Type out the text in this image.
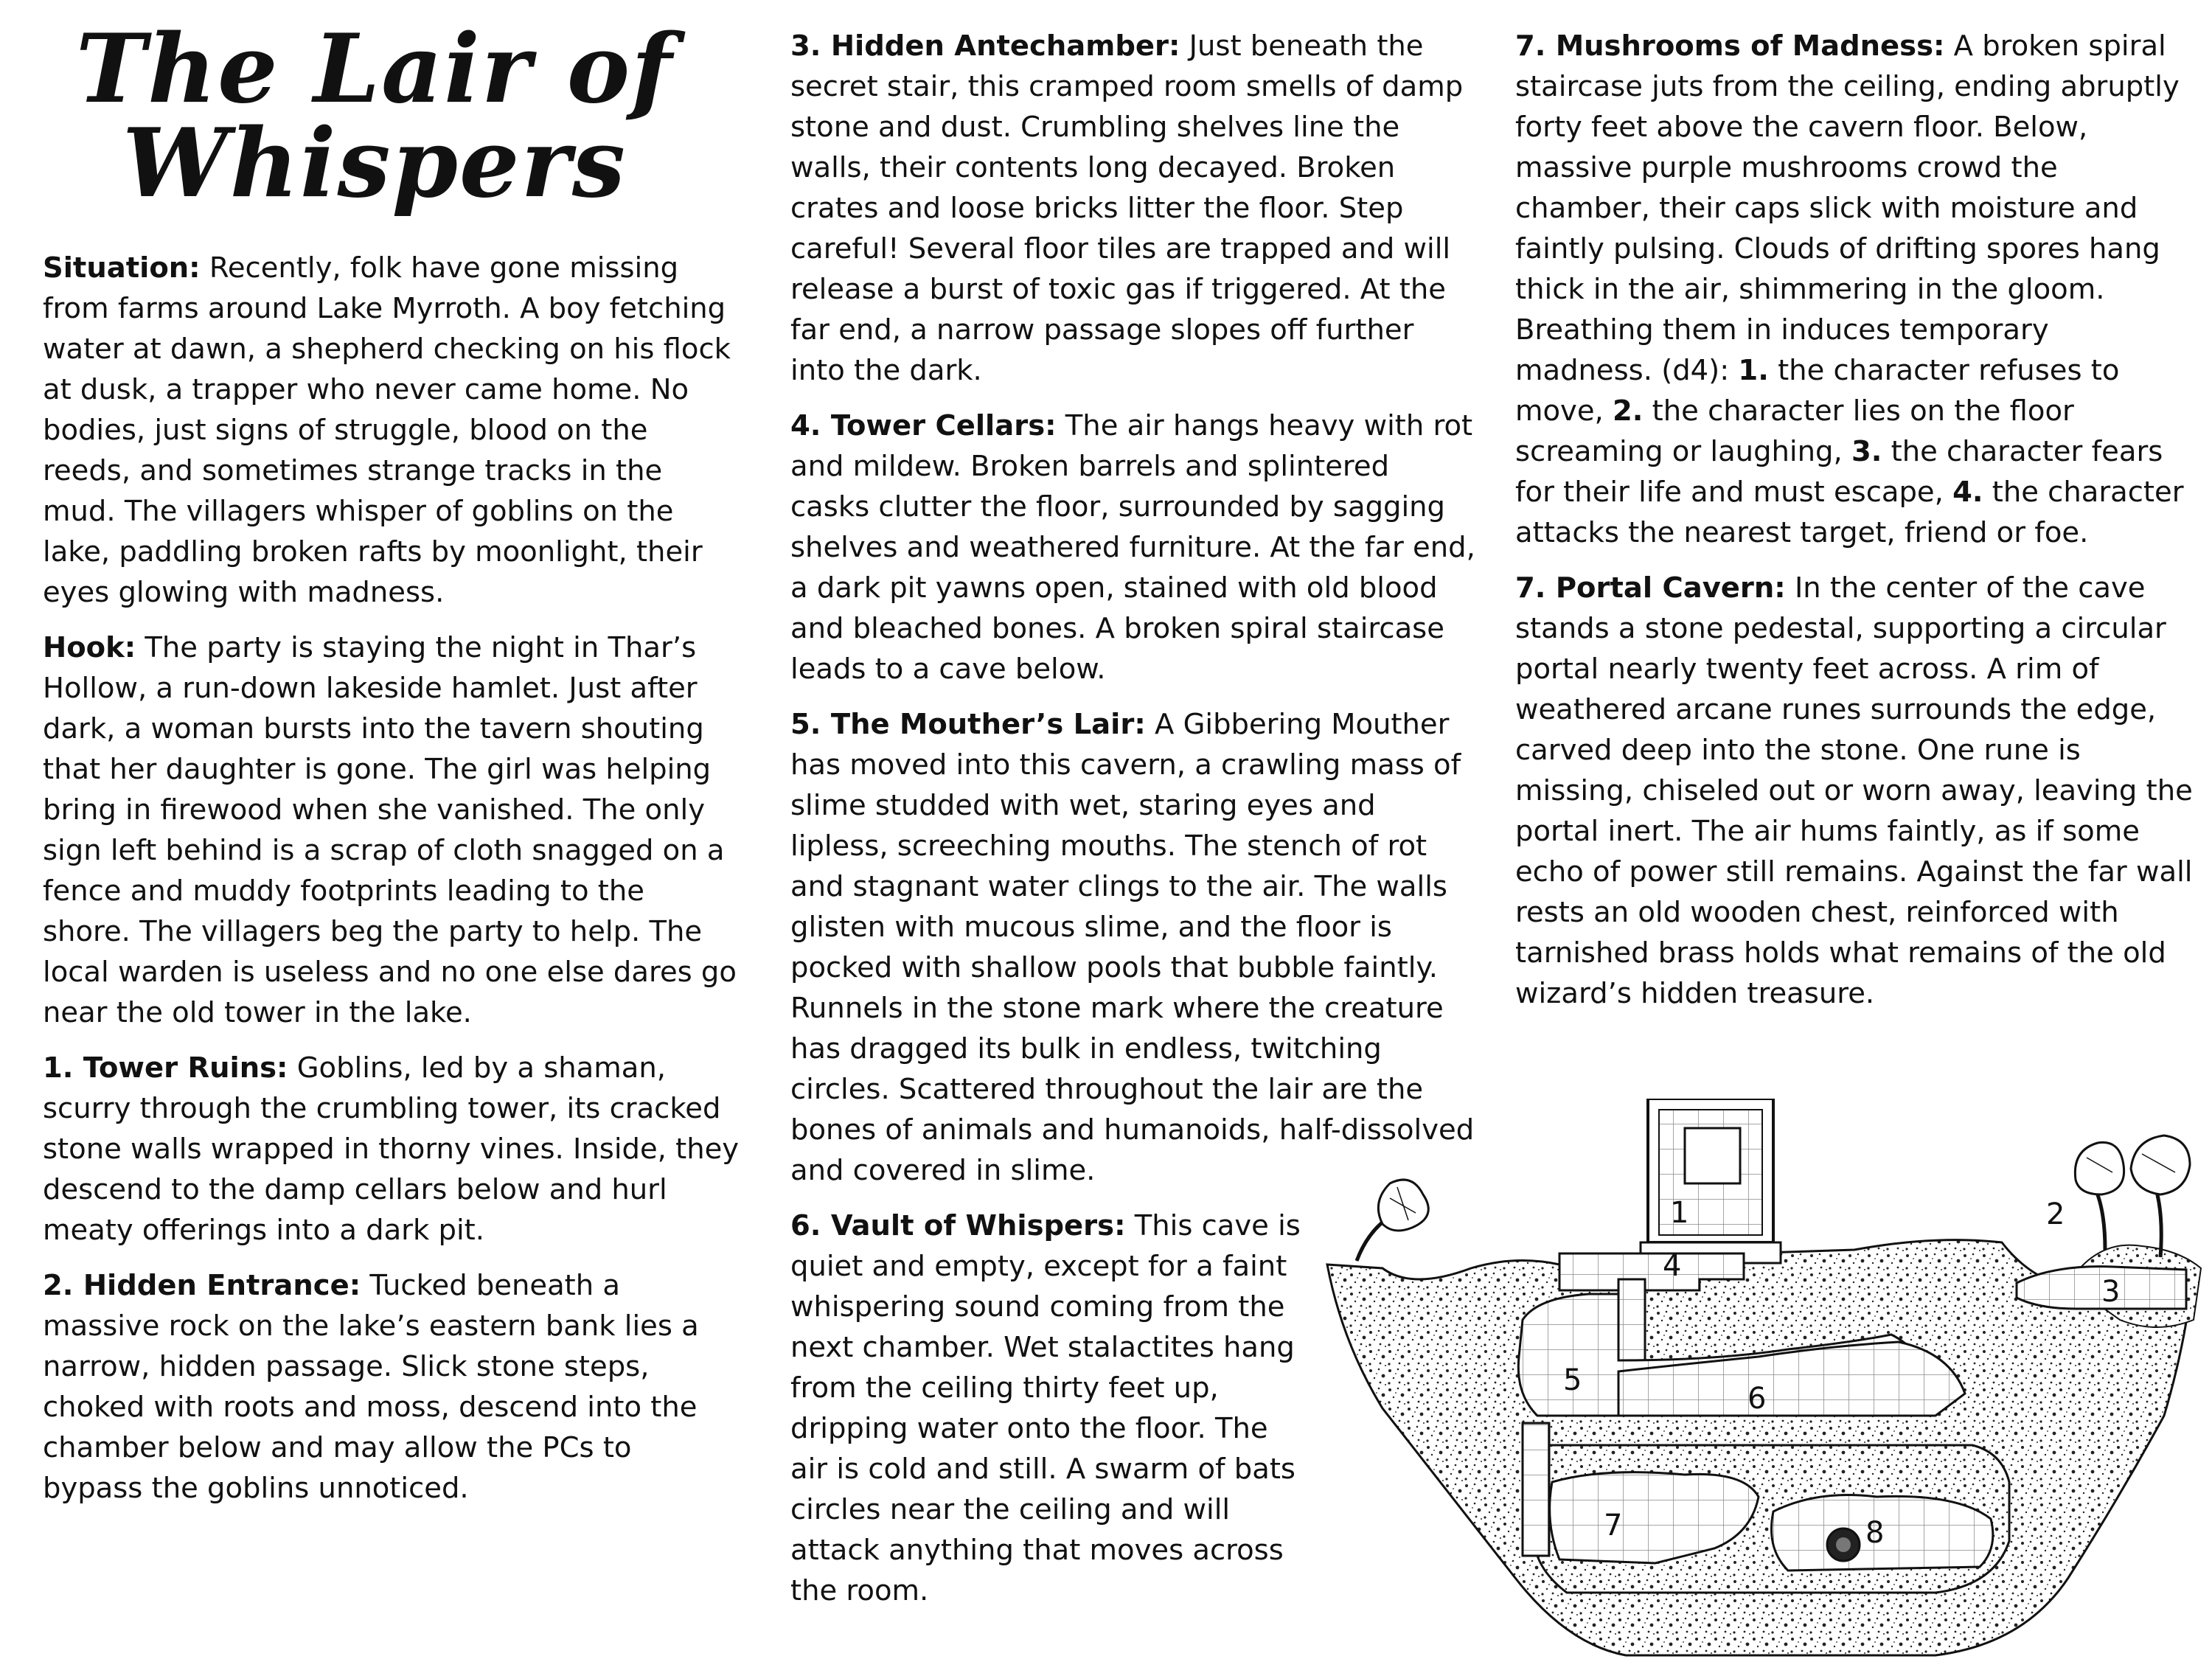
The Lair of
Whispers

Situation: Recently, folk have gone missing from farms around Lake Myrroth. A boy fetching water at dawn, a shepherd checking on his flock at dusk, a trapper who never came home. No bodies, just signs of struggle, blood on the reeds, and sometimes strange tracks in the mud. The villagers whisper of goblins on the lake, paddling broken rafts by moonlight, their eyes glowing with madness.

Hook: The party is staying the night in Thar’s Hollow, a run-down lakeside hamlet. Just after dark, a woman bursts into the tavern shouting that her daughter is gone. The girl was helping bring in firewood when she vanished. The only sign left behind is a scrap of cloth snagged on a fence and muddy footprints leading to the shore. The villagers beg the party to help. The local warden is useless and no one else dares go near the old tower in the lake.

1. Tower Ruins: Goblins, led by a shaman, scurry through the crumbling tower, its cracked stone walls wrapped in thorny vines. Inside, they descend to the damp cellars below and hurl meaty offerings into a dark pit.

2. Hidden Entrance: Tucked beneath a massive rock on the lake’s eastern bank lies a narrow, hidden passage. Slick stone steps, choked with roots and moss, descend into the chamber below and may allow the PCs to bypass the goblins unnoticed.

3. Hidden Antechamber: Just beneath the secret stair, this cramped room smells of damp stone and dust. Crumbling shelves line the walls, their contents long decayed. Broken crates and loose bricks litter the floor. Step careful! Several floor tiles are trapped and will release a burst of toxic gas if triggered. At the far end, a narrow passage slopes off further into the dark.

4. Tower Cellars: The air hangs heavy with rot and mildew. Broken barrels and splintered casks clutter the floor, surrounded by sagging shelves and weathered furniture. At the far end, a dark pit yawns open, stained with old blood and bleached bones. A broken spiral staircase leads to a cave below.

5. The Mouther’s Lair: A Gibbering Mouther has moved into this cavern, a crawling mass of slime studded with wet, staring eyes and lipless, screeching mouths. The stench of rot and stagnant water clings to the air. The walls glisten with mucous slime, and the floor is pocked with shallow pools that bubble faintly. Runnels in the stone mark where the creature has dragged its bulk in endless, twitching circles. Scattered throughout the lair are the bones of animals and humanoids, half-dissolved and covered in slime.

6. Vault of Whispers: This cave is quiet and empty, except for a faint whispering sound coming from the next chamber. Wet stalactites hang from the ceiling thirty feet up, dripping water onto the floor. The air is cold and still. A swarm of bats circles near the ceiling and will attack anything that moves across the room.

7. Mushrooms of Madness: A broken spiral staircase juts from the ceiling, ending abruptly forty feet above the cavern floor. Below, massive purple mushrooms crowd the chamber, their caps slick with moisture and faintly pulsing. Clouds of drifting spores hang thick in the air, shimmering in the gloom. Breathing them in induces temporary madness. (d4): 1. the character refuses to move, 2. the character lies on the floor screaming or laughing, 3. the character fears for their life and must escape, 4. the character attacks the nearest target, friend or foe.

7. Portal Cavern: In the center of the cave stands a stone pedestal, supporting a circular portal nearly twenty feet across. A rim of weathered arcane runes surrounds the edge, carved deep into the stone. One rune is missing, chiseled out or worn away, leaving the portal inert. The air hums faintly, as if some echo of power still remains. Against the far wall rests an old wooden chest, reinforced with tarnished brass holds what remains of the old wizard’s hidden treasure.

1	2
3
4
5
6
7	8
